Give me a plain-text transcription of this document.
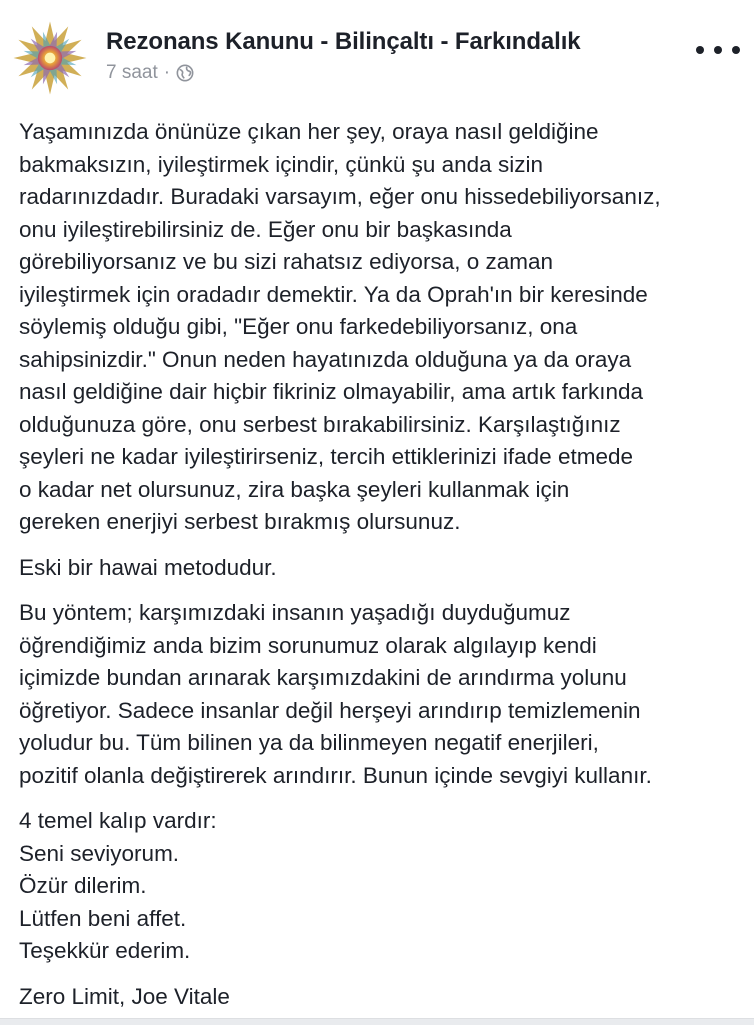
Rezonans Kanunu - Bilinçaltı - Farkındalık
7 saat ·

Yaşamınızda önünüze çıkan her şey, oraya nasıl geldiğine
bakmaksızın, iyileştirmek içindir, çünkü şu anda sizin
radarınızdadır. Buradaki varsayım, eğer onu hissedebiliyorsanız,
onu iyileştirebilirsiniz de. Eğer onu bir başkasında
görebiliyorsanız ve bu sizi rahatsız ediyorsa, o zaman
iyileştirmek için oradadır demektir. Ya da Oprah'ın bir keresinde
söylemiş olduğu gibi, "Eğer onu farkedebiliyorsanız, ona
sahipsinizdir." Onun neden hayatınızda olduğuna ya da oraya
nasıl geldiğine dair hiçbir fikriniz olmayabilir, ama artık farkında
olduğunuza göre, onu serbest bırakabilirsiniz. Karşılaştığınız
şeyleri ne kadar iyileştirirseniz, tercih ettiklerinizi ifade etmede
o kadar net olursunuz, zira başka şeyleri kullanmak için
gereken enerjiyi serbest bırakmış olursunuz.

Eski bir hawai metodudur.

Bu yöntem; karşımızdaki insanın yaşadığı duyduğumuz
öğrendiğimiz anda bizim sorunumuz olarak algılayıp kendi
içimizde bundan arınarak karşımızdakini de arındırma yolunu
öğretiyor. Sadece insanlar değil herşeyi arındırıp temizlemenin
yoludur bu. Tüm bilinen ya da bilinmeyen negatif enerjileri,
pozitif olanla değiştirerek arındırır. Bunun içinde sevgiyi kullanır.

4 temel kalıp vardır:
Seni seviyorum.
Özür dilerim.
Lütfen beni affet.
Teşekkür ederim.

Zero Limit, Joe Vitale
